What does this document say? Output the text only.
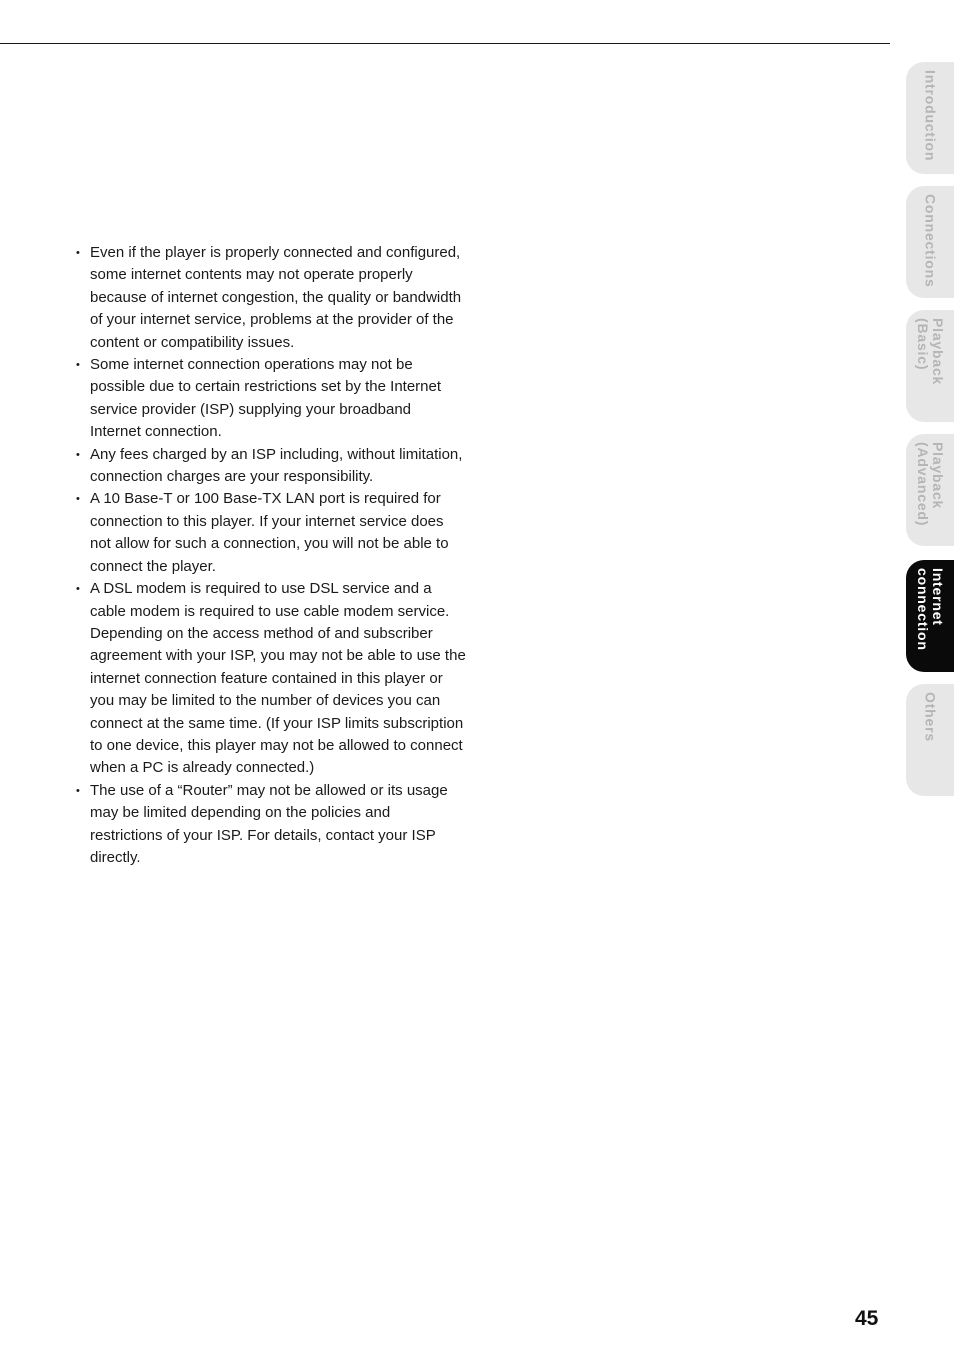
• Even if the player is properly connected and configured, some internet contents may not operate properly because of internet congestion, the quality or bandwidth of your internet service, problems at the provider of the content or compatibility issues.
• Some internet connection operations may not be possible due to certain restrictions set by the Internet service provider (ISP) supplying your broadband Internet connection.
• Any fees charged by an ISP including, without limitation, connection charges are your responsibility.
• A 10 Base-T or 100 Base-TX LAN port is required for connection to this player. If your internet service does not allow for such a connection, you will not be able to connect the player.
• A DSL modem is required to use DSL service and a cable modem is required to use cable modem service. Depending on the access method of and subscriber agreement with your ISP, you may not be able to use the internet connection feature contained in this player or you may be limited to the number of devices you can connect at the same time. (If your ISP limits subscription to one device, this player may not be allowed to connect when a PC is already connected.)
• The use of a “Router” may not be allowed or its usage may be limited depending on the policies and restrictions of your ISP. For details, contact your ISP directly.
Introduction
Connections
Playback
(Basic)
Playback
(Advanced)
Internet
connection
Others
45
